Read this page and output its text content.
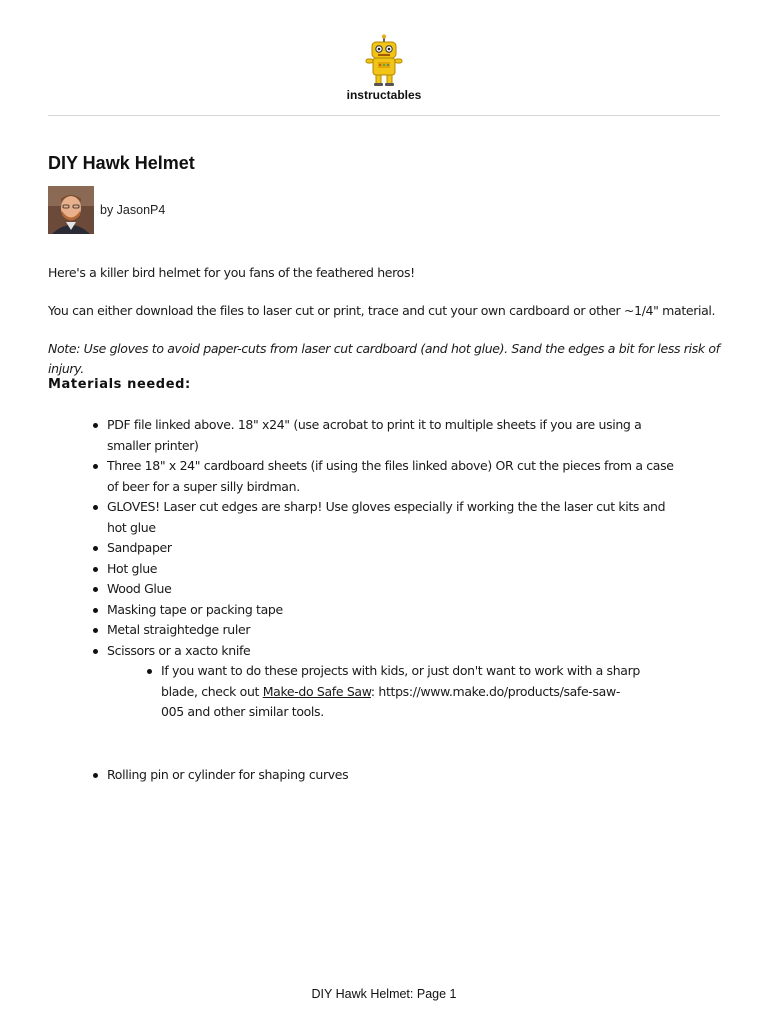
instructables
DIY Hawk Helmet
by JasonP4
Here's a killer bird helmet for you fans of the feathered heros!
You can either download the files to laser cut or print, trace and cut your own cardboard or other ~1/4" material.
Note: Use gloves to avoid paper-cuts from laser cut cardboard (and hot glue). Sand the edges a bit for less risk of injury.
Materials needed:
PDF file linked above. 18" x24" (use acrobat to print it to multiple sheets if you are using a smaller printer)
Three 18" x 24" cardboard sheets (if using the files linked above) OR cut the pieces from a case of beer for a super silly birdman.
GLOVES! Laser cut edges are sharp! Use gloves especially if working the the laser cut kits and hot glue
Sandpaper
Hot glue
Wood Glue
Masking tape or packing tape
Metal straightedge ruler
Scissors or a xacto knife
If you want to do these projects with kids, or just don't want to work with a sharp blade, check out Make-do Safe Saw: https://www.make.do/products/safe-saw-005 and other similar tools.
Rolling pin or cylinder for shaping curves
DIY Hawk Helmet: Page 1
